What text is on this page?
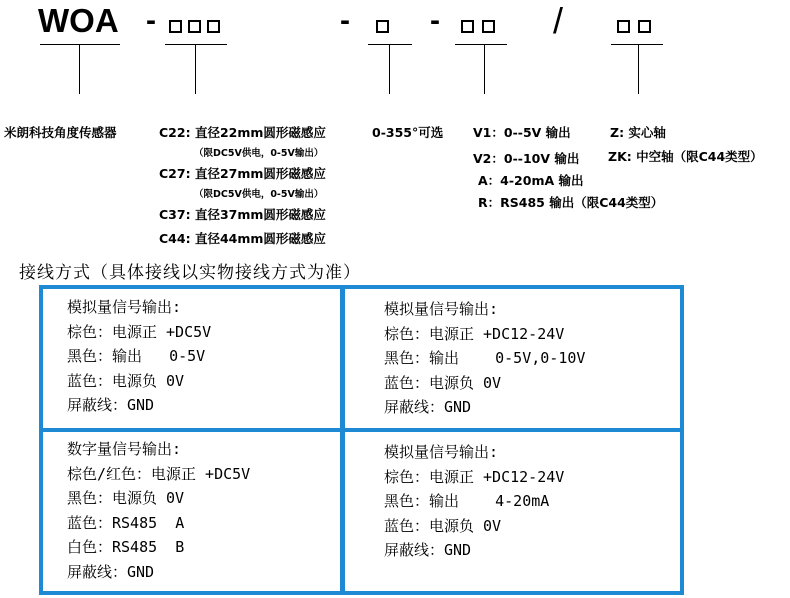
WOA -	-	-	/
米朗科技角度传感器	C22: 直径22mm圆形磁感应
（限DC5V供电，0-5V输出）
C27: 直径27mm圆形磁感应
（限DC5V供电，0-5V输出）
C37: 直径37mm圆形磁感应
C44: 直径44mm圆形磁感应
0-355°可选 V1：0--5V 输出
V2：0--10V 输出
A：4-20mA 输出
R：RS485 输出（限C44类型）
Z: 实心轴
ZK: 中空轴（限C44类型）
接线方式（具体接线以实物接线方式为准）
模拟量信号输出:
棕色：电源正 +DC5V
黑色：输出   0-5V
蓝色：电源负 0V
屏蔽线：GND
模拟量信号输出:
棕色：电源正 +DC12-24V
黑色：输出    0-5V,0-10V
蓝色：电源负 0V
屏蔽线：GND
数字量信号输出:
棕色/红色：电源正 +DC5V
黑色：电源负 0V
蓝色：RS485  A
白色：RS485  B
屏蔽线：GND
模拟量信号输出:
棕色：电源正 +DC12-24V
黑色：输出    4-20mA
蓝色：电源负 0V
屏蔽线：GND
